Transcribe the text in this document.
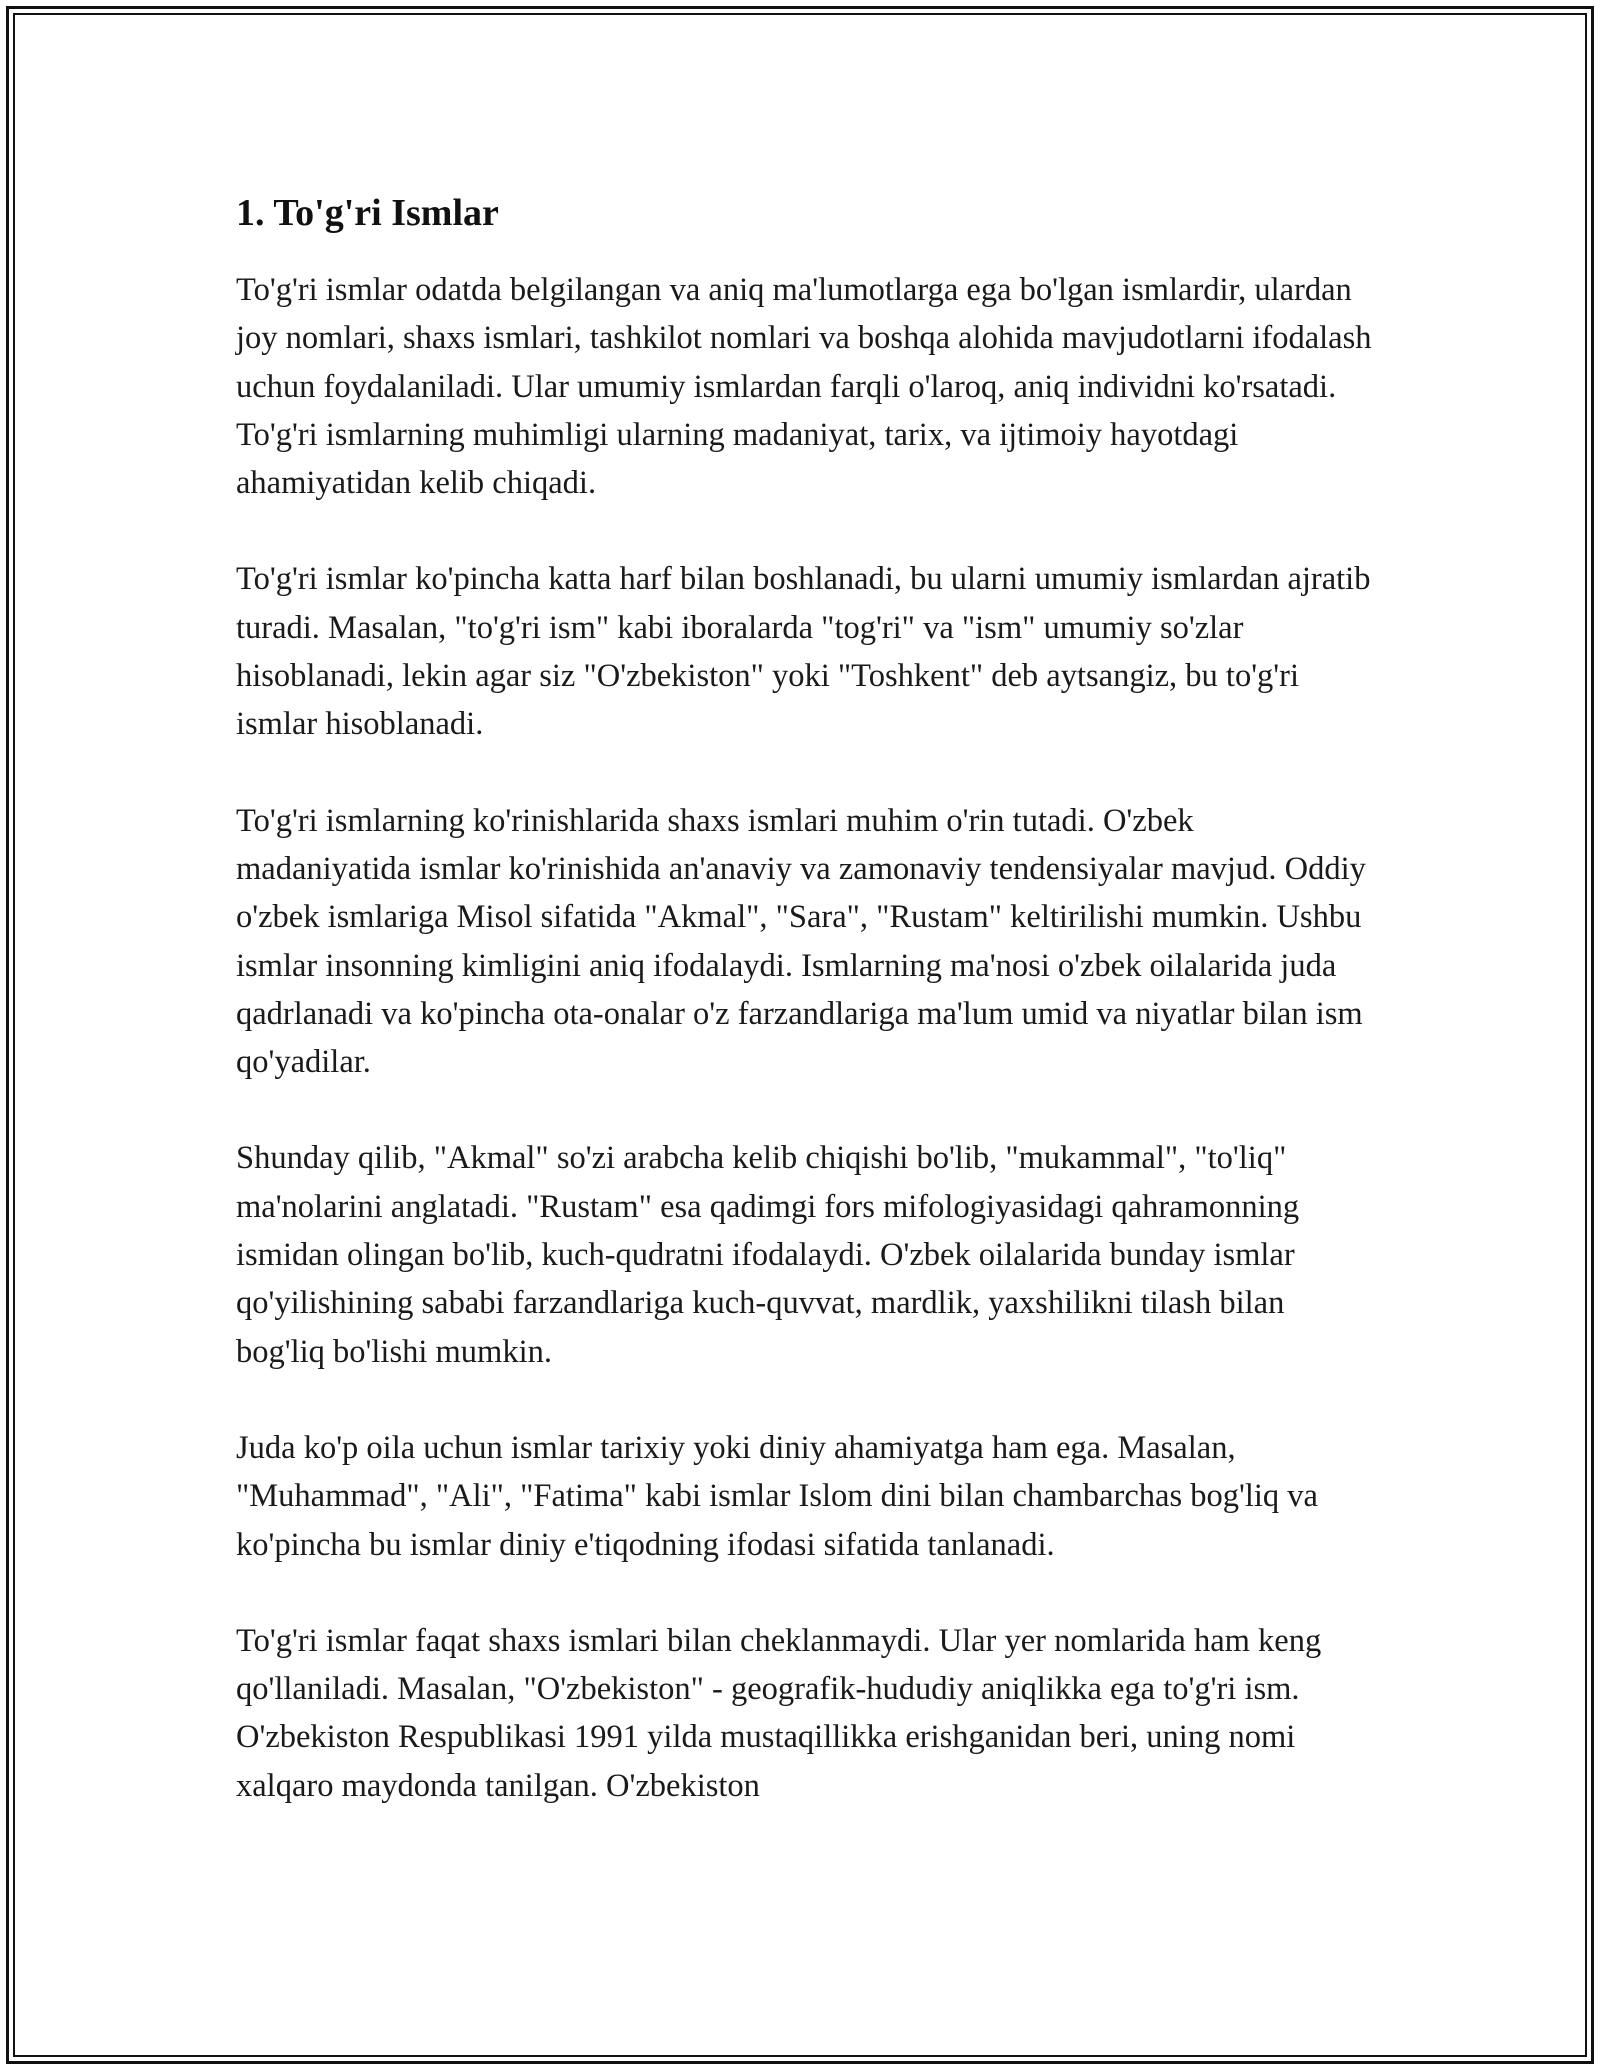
1. To'g'ri Ismlar

To'g'ri ismlar odatda belgilangan va aniq ma'lumotlarga ega bo'lgan ismlardir, ulardan joy nomlari, shaxs ismlari, tashkilot nomlari va boshqa alohida mavjudotlarni ifodalash uchun foydalaniladi. Ular umumiy ismlardan farqli o'laroq, aniq individni ko'rsatadi. To'g'ri ismlarning muhimligi ularning madaniyat, tarix, va ijtimoiy hayotdagi ahamiyatidan kelib chiqadi.

To'g'ri ismlar ko'pincha katta harf bilan boshlanadi, bu ularni umumiy ismlardan ajratib turadi. Masalan, "to'g'ri ism" kabi iboralarda "tog'ri" va "ism" umumiy so'zlar hisoblanadi, lekin agar siz "O'zbekiston" yoki "Toshkent" deb aytsangiz, bu to'g'ri ismlar hisoblanadi.

To'g'ri ismlarning ko'rinishlarida shaxs ismlari muhim o'rin tutadi. O'zbek madaniyatida ismlar ko'rinishida an'anaviy va zamonaviy tendensiyalar mavjud. Oddiy o'zbek ismlariga Misol sifatida "Akmal", "Sara", "Rustam" keltirilishi mumkin. Ushbu ismlar insonning kimligini aniq ifodalaydi. Ismlarning ma'nosi o'zbek oilalarida juda qadrlanadi va ko'pincha ota-onalar o'z farzandlariga ma'lum umid va niyatlar bilan ism qo'yadilar.

Shunday qilib, "Akmal" so'zi arabcha kelib chiqishi bo'lib, "mukammal", "to'liq" ma'nolarini anglatadi. "Rustam" esa qadimgi fors mifologiyasidagi qahramonning ismidan olingan bo'lib, kuch-qudratni ifodalaydi. O'zbek oilalarida bunday ismlar qo'yilishining sababi farzandlariga kuch-quvvat, mardlik, yaxshilikni tilash bilan bog'liq bo'lishi mumkin.

Juda ko'p oila uchun ismlar tarixiy yoki diniy ahamiyatga ham ega. Masalan, "Muhammad", "Ali", "Fatima" kabi ismlar Islom dini bilan chambarchas bog'liq va ko'pincha bu ismlar diniy e'tiqodning ifodasi sifatida tanlanadi.

To'g'ri ismlar faqat shaxs ismlari bilan cheklanmaydi. Ular yer nomlarida ham keng qo'llaniladi. Masalan, "O'zbekiston" - geografik-hududiy aniqlikka ega to'g'ri ism. O'zbekiston Respublikasi 1991 yilda mustaqillikka erishganidan beri, uning nomi xalqaro maydonda tanilgan. O'zbekiston
